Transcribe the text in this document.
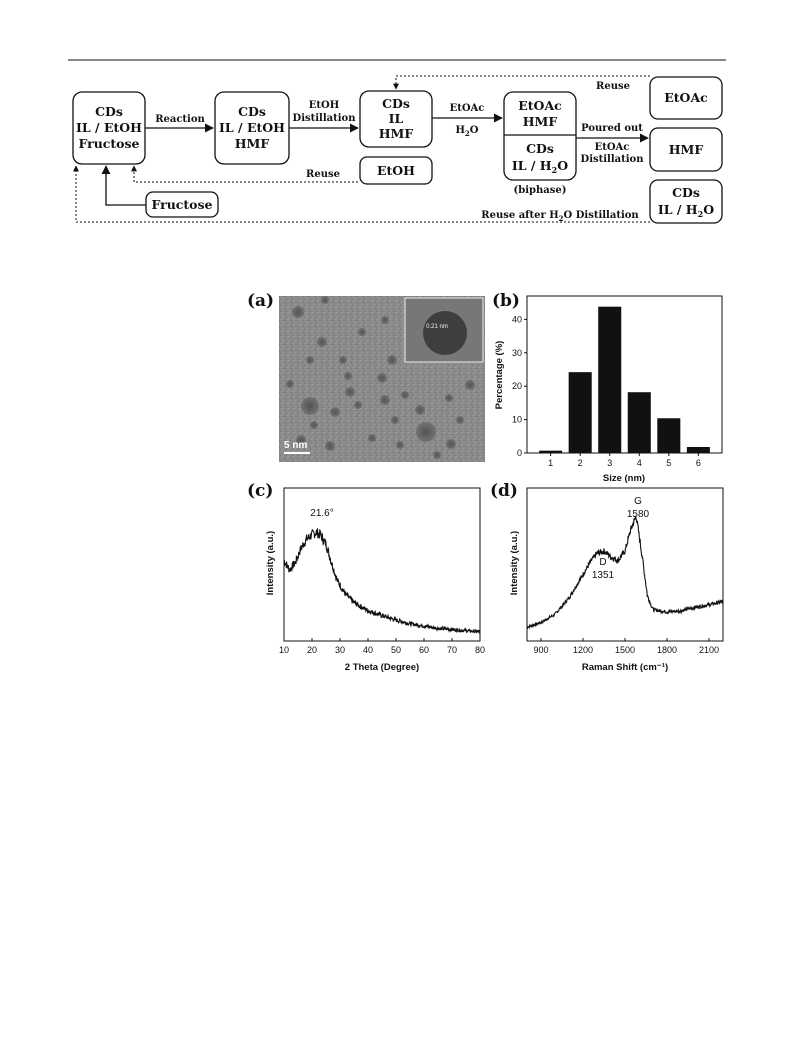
CDs
IL / EtOH
Fructose
CDs
IL / EtOH
HMF
CDs
IL
HMF
EtOH
EtOAc
HMF
CDs
IL / $H_2O$
(biphase)
EtOAc
HMF
CDs
IL / $H_2O$
Fructose
Reaction
EtOH
Distillation
EtOAc
$H_2O$	Poured out
EtOAc
Distillation
Reuse
Reuse
Reuse after $H_2O$ Distillation
(a)
0.21 nm
5 nm
(b)
1	2	3	4	5	6
0
10
20
30
40
Size (nm)
Percentage (%)
(c)
10 20 30 40 50 60 70 80
21.6°
2 Theta (Degree)
Intensity (a.u.)
(d)
900	1200 1500 1800 2100
D
1351
G
1580
Raman Shift (cm⁻¹)
Intensity (a.u.)
